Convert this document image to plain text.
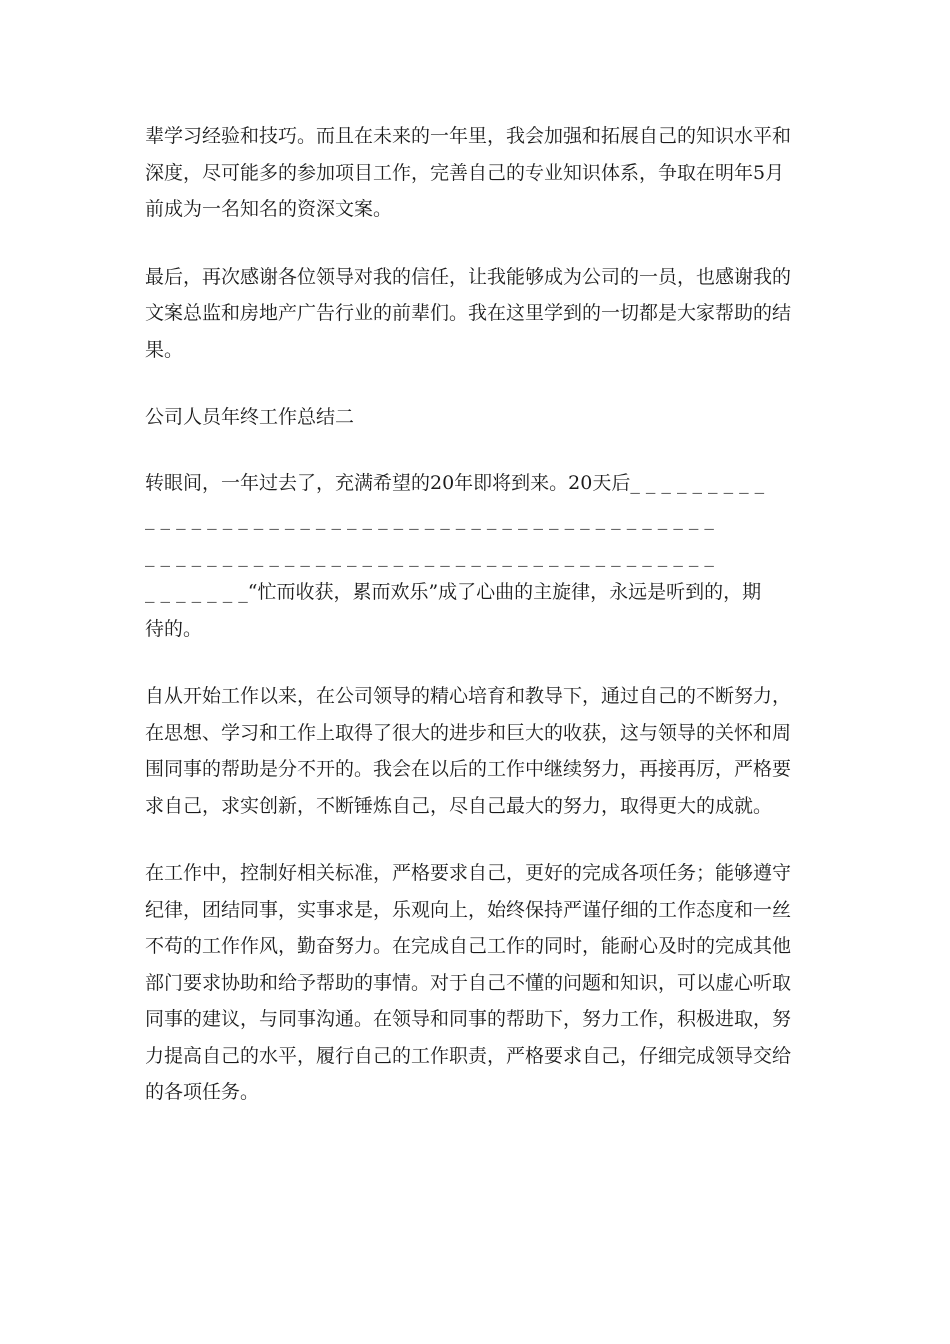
辈学习经验和技巧。而且在未来的一年里，我会加强和拓展自己的知识水平和
深度，尽可能多的参加项目工作，完善自己的专业知识体系，争取在明年5月
前成为一名知名的资深文案。

最后，再次感谢各位领导对我的信任，让我能够成为公司的一员，也感谢我的
文案总监和房地产广告行业的前辈们。我在这里学到的一切都是大家帮助的结
果。

公司人员年终工作总结二

转眼间，一年过去了，充满希望的20年即将到来。20天后_ _ _ _ _ _ _ _ _
_ _ _ _ _ _ _ _ _ _ _ _ _ _ _ _ _ _ _ _ _ _ _ _ _ _ _ _ _ _ _ _ _ _ _ _ _
_ _ _ _ _ _ _ _ _ _ _ _ _ _ _ _ _ _ _ _ _ _ _ _ _ _ _ _ _ _ _ _ _ _ _ _ _
_ _ _ _ _ _ _“忙而收获，累而欢乐”成了心曲的主旋律，永远是听到的，期
待的。

自从开始工作以来，在公司领导的精心培育和教导下，通过自己的不断努力，
在思想、学习和工作上取得了很大的进步和巨大的收获，这与领导的关怀和周
围同事的帮助是分不开的。我会在以后的工作中继续努力，再接再厉，严格要
求自己，求实创新，不断锤炼自己，尽自己最大的努力，取得更大的成就。

在工作中，控制好相关标准，严格要求自己，更好的完成各项任务；能够遵守
纪律，团结同事，实事求是，乐观向上，始终保持严谨仔细的工作态度和一丝
不苟的工作作风，勤奋努力。在完成自己工作的同时，能耐心及时的完成其他
部门要求协助和给予帮助的事情。对于自己不懂的问题和知识，可以虚心听取
同事的建议，与同事沟通。在领导和同事的帮助下，努力工作，积极进取，努
力提高自己的水平，履行自己的工作职责，严格要求自己，仔细完成领导交给
的各项任务。
